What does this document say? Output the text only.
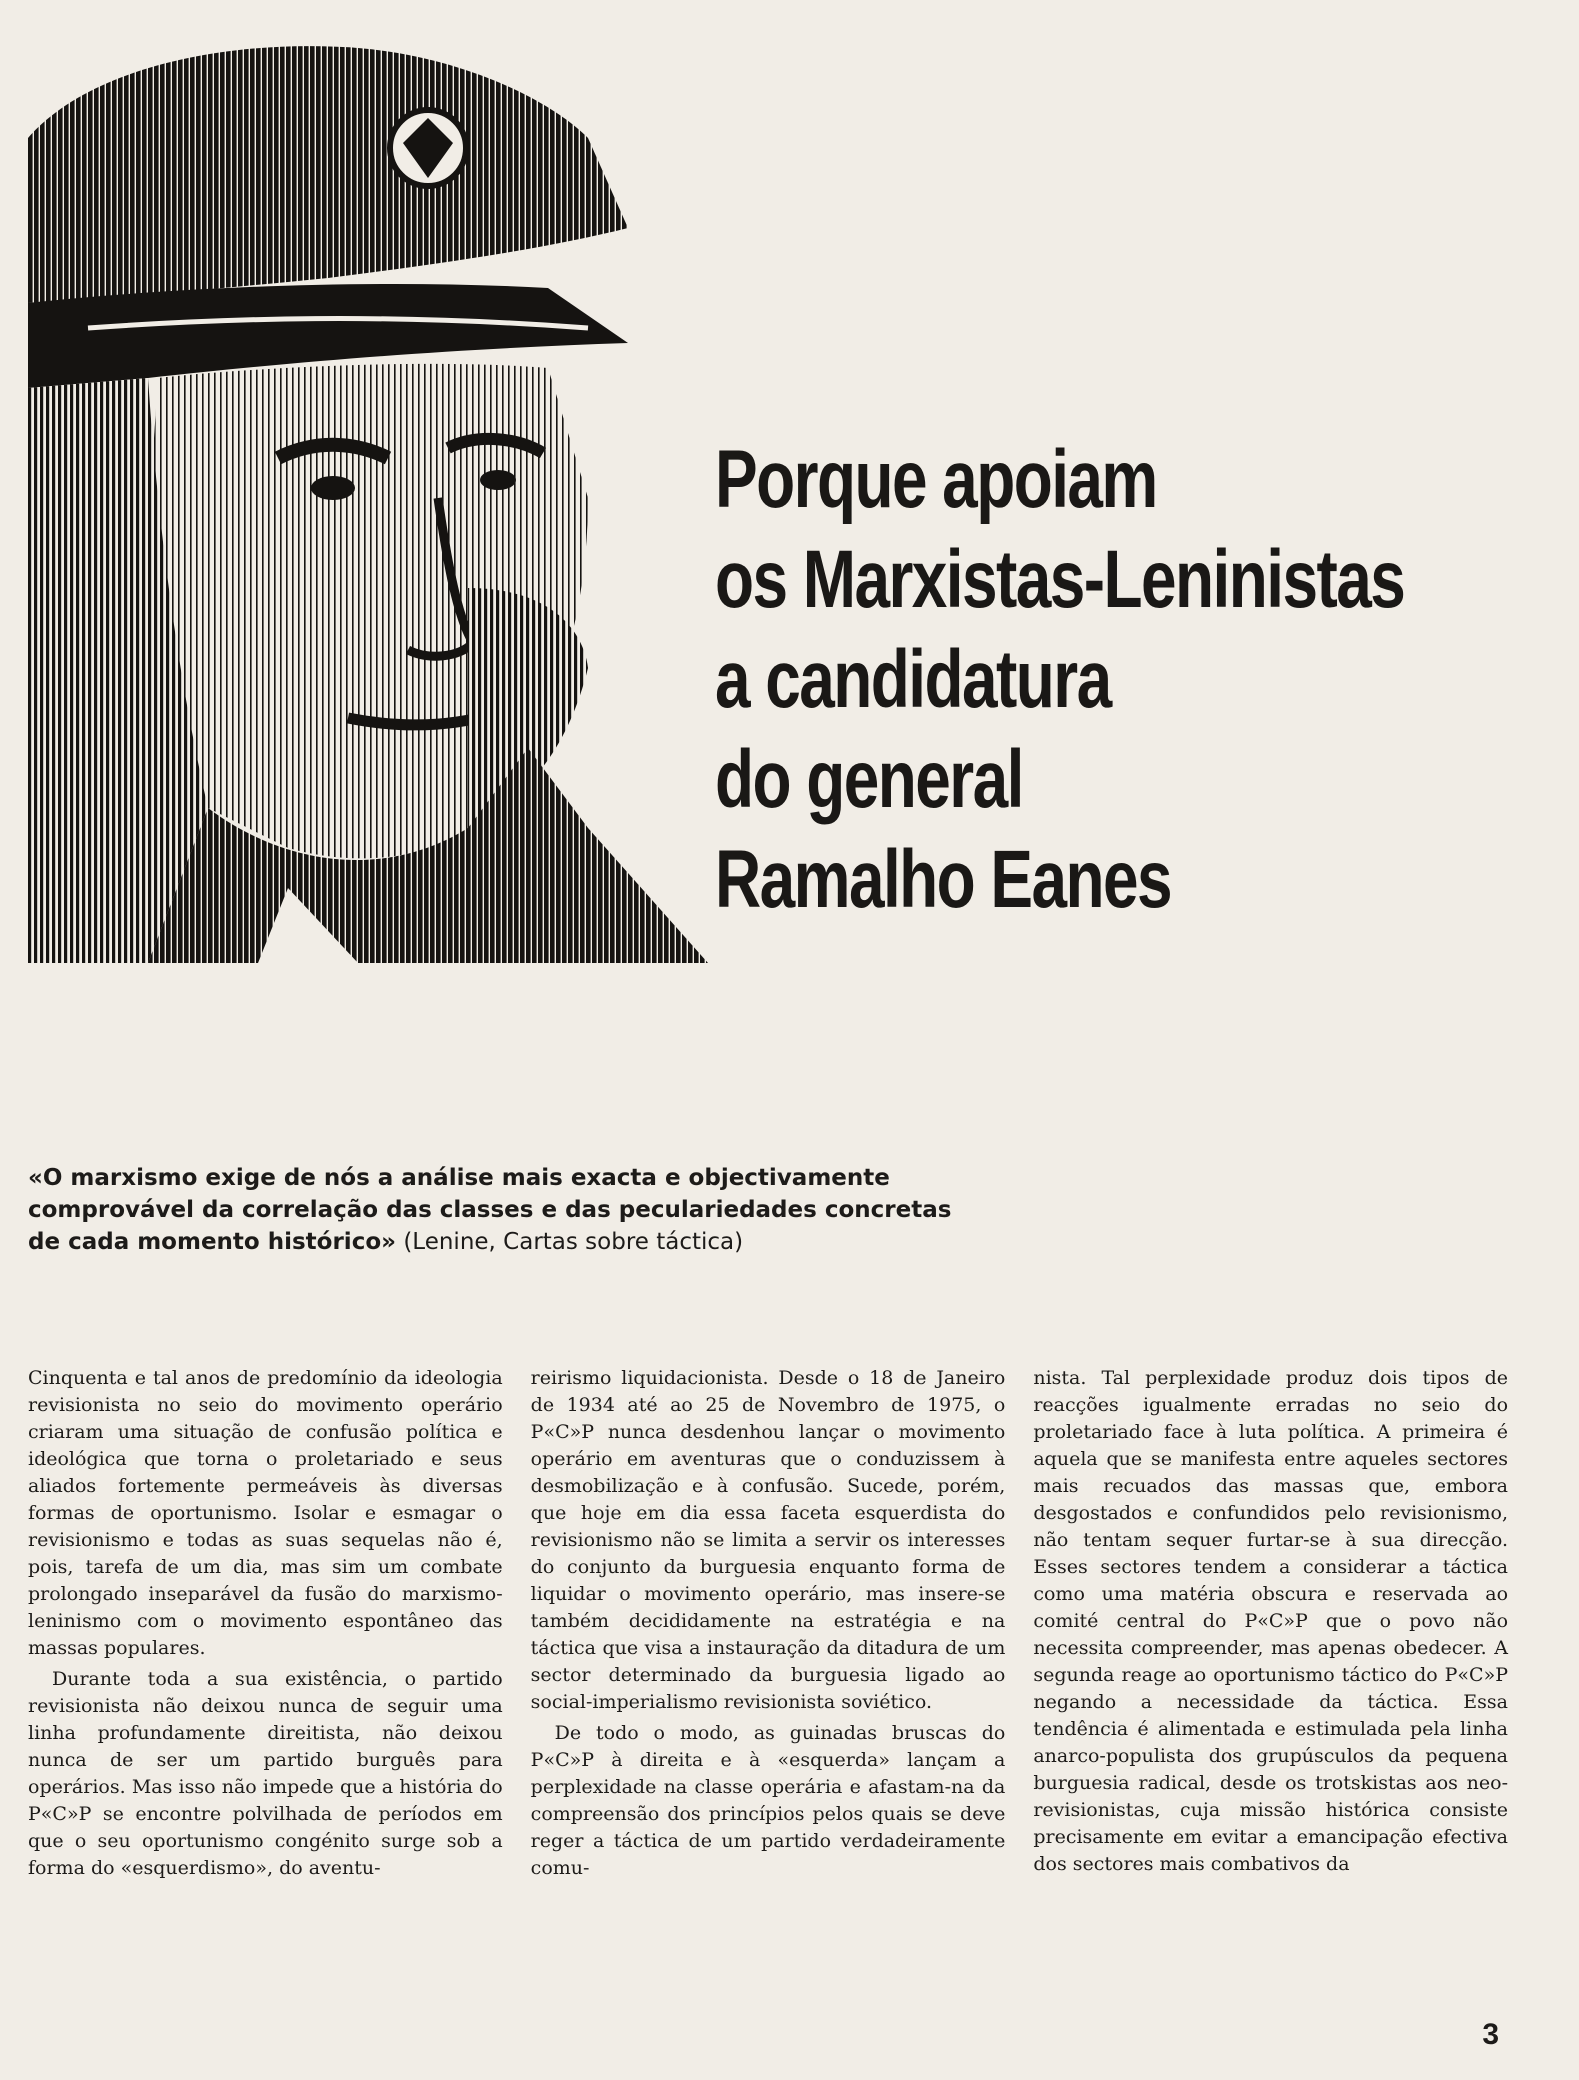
Porque apoiam
os Marxistas-Leninistas
a candidatura
do general
Ramalho Eanes
«O marxismo exige de nós a análise mais exacta e objectivamente comprovável da correlação das classes e das peculariedades concretas de cada momento histórico» (Lenine, Cartas sobre táctica)

Cinquenta e tal anos de predomínio da ideologia revisionista no seio do movimento operário criaram uma situação de confusão política e ideológica que torna o proletariado e seus aliados fortemente permeáveis às diversas formas de oportunismo. Isolar e esmagar o revisionismo e todas as suas sequelas não é, pois, tarefa de um dia, mas sim um combate prolongado inseparável da fusão do marxismo-leninismo com o movimento espontâneo das massas populares.

Durante toda a sua existência, o partido revisionista não deixou nunca de seguir uma linha profundamente direitista, não deixou nunca de ser um partido burguês para operários. Mas isso não impede que a história do P«C»P se encontre polvilhada de períodos em que o seu oportunismo congénito surge sob a forma do «esquerdismo», do aventu-

reirismo liquidacionista. Desde o 18 de Janeiro de 1934 até ao 25 de Novembro de 1975, o P«C»P nunca desdenhou lançar o movimento operário em aventuras que o conduzissem à desmobilização e à confusão. Sucede, porém, que hoje em dia essa faceta esquerdista do revisionismo não se limita a servir os interesses do conjunto da burguesia enquanto forma de liquidar o movimento operário, mas insere-se também decididamente na estratégia e na táctica que visa a instauração da ditadura de um sector determinado da burguesia ligado ao social-imperialismo revisionista soviético.

De todo o modo, as guinadas bruscas do P«C»P à direita e à «esquerda» lançam a perplexidade na classe operária e afastam-na da compreensão dos princípios pelos quais se deve reger a táctica de um partido verdadeiramente comu-

nista. Tal perplexidade produz dois tipos de reacções igualmente erradas no seio do proletariado face à luta política. A primeira é aquela que se manifesta entre aqueles sectores mais recuados das massas que, embora desgostados e confundidos pelo revisionismo, não tentam sequer furtar-se à sua direcção. Esses sectores tendem a considerar a táctica como uma matéria obscura e reservada ao comité central do P«C»P que o povo não necessita compreender, mas apenas obedecer. A segunda reage ao oportunismo táctico do P«C»P negando a necessidade da táctica. Essa tendência é alimentada e estimulada pela linha anarco-populista dos grupúsculos da pequena burguesia radical, desde os trotskistas aos neo-revisionistas, cuja missão histórica consiste precisamente em evitar a emancipação efectiva dos sectores mais combativos da

3
